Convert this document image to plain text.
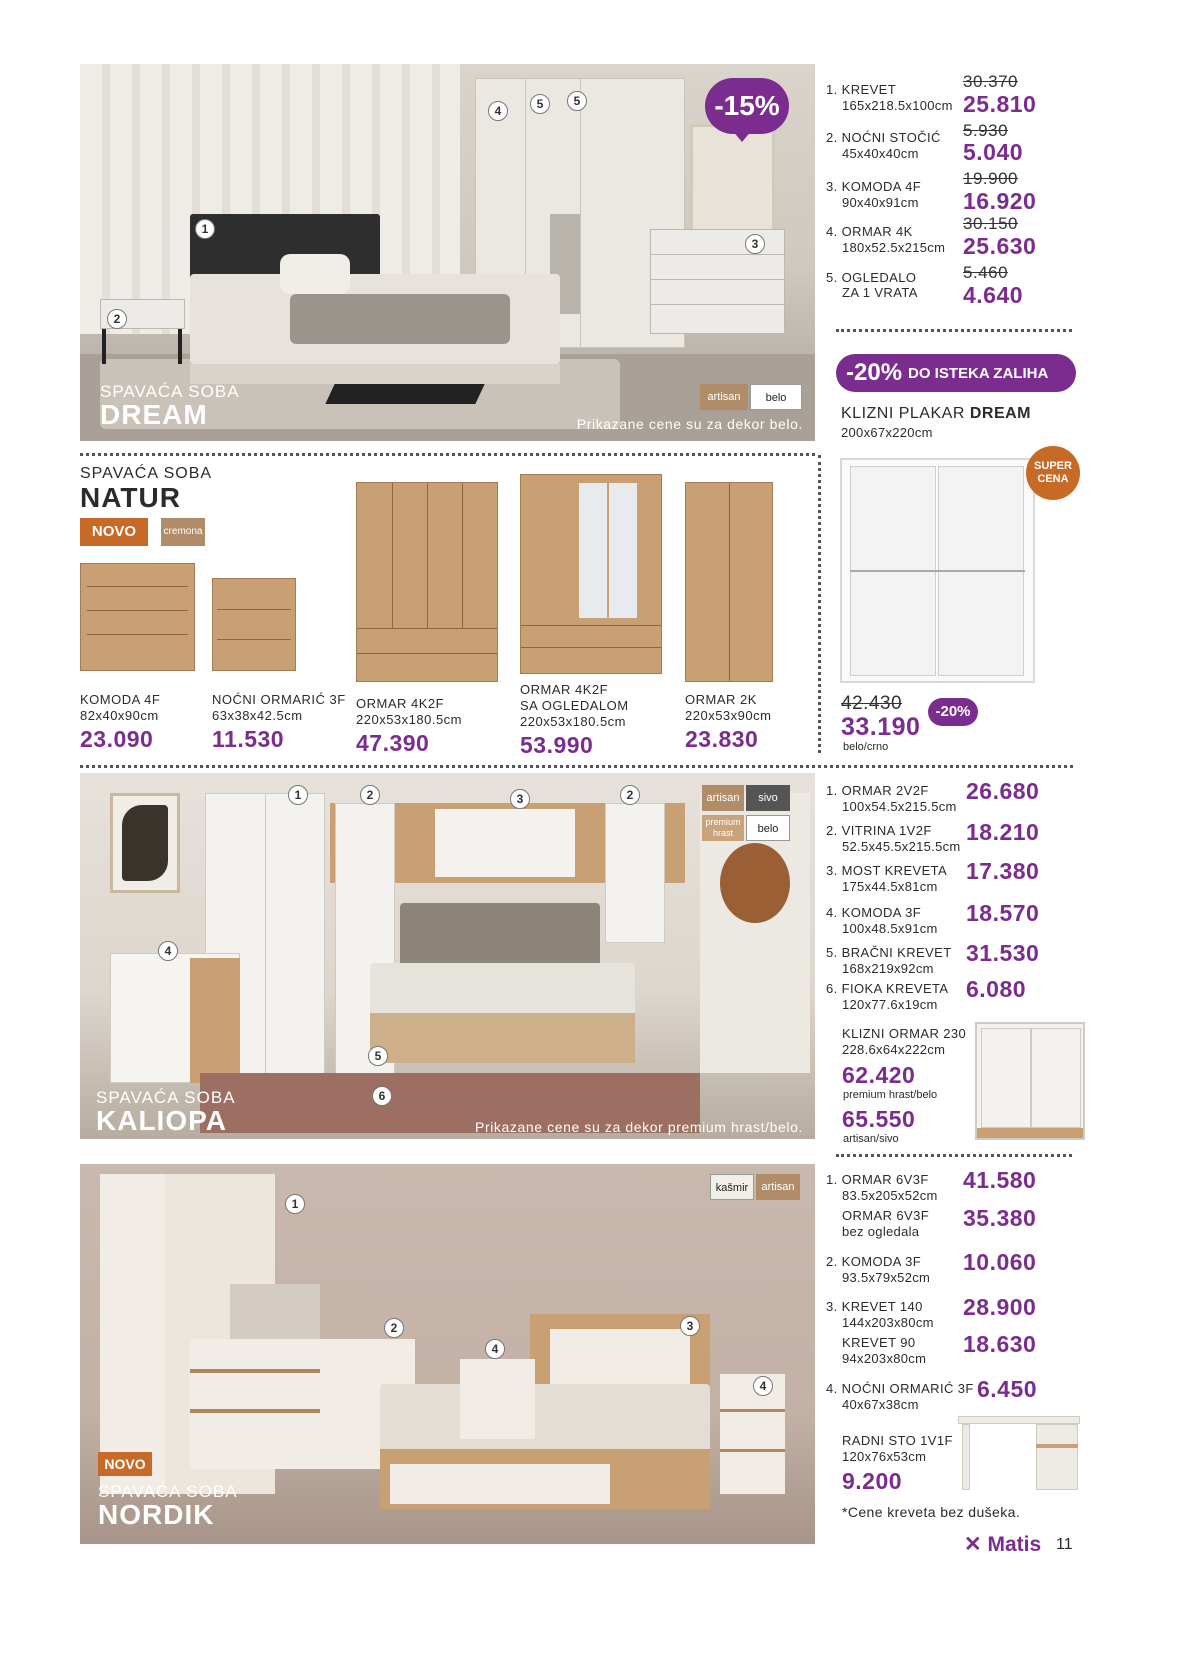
1
2
3
4	5	5	-15%
artisan	belo
SPAVAĆA SOBA
DREAM	Prikazane cene su za dekor belo.
1. KREVET
165x218.5x100cm
30.370
25.810
2. NOĆNI STOČIĆ
45x40x40cm
5.930
5.040
3. KOMODA 4F
90x40x91cm
19.900
16.920
4. ORMAR 4K
180x52.5x215cm
30.150
25.630
5. OGLEDALO
ZA 1 VRATA
5.460
4.640
-20% DO ISTEKA ZALIHA
KLIZNI PLAKAR DREAM
200x67x220cm
SUPER
CENA
42.430
33.190
-20%
belo/crno
SPAVAĆA SOBA
NATUR
NOVO	cremona
KOMODA 4F
82x40x90cm
23.090
NOĆNI ORMARIĆ 3F
63x38x42.5cm
11.530
ORMAR 4K2F
220x53x180.5cm
47.390
ORMAR 4K2F
SA OGLEDALOM
220x53x180.5cm
53.990
ORMAR 2K
220x53x90cm
23.830
1	2	3	2
4
5
6
artisan	sivo
premium hrast	belo
SPAVAĆA SOBA
KALIOPA	Prikazane cene su za dekor premium hrast/belo.
1. ORMAR 2V2F
100x54.5x215.5cm
26.680
2. VITRINA 1V2F
52.5x45.5x215.5cm
18.210
3. MOST KREVETA
175x44.5x81cm
17.380
4. KOMODA 3F
100x48.5x91cm
18.570
5. BRAČNI KREVET
168x219x92cm
31.530
6. FIOKA KREVETA
120x77.6x19cm
6.080
KLIZNI ORMAR 230
228.6x64x222cm
62.420
premium hrast/belo
65.550
artisan/sivo
1
2	3
4
4
kašmir	artisan
NOVO
SPAVAĆA SOBA
NORDIK
1. ORMAR 6V3F
83.5x205x52cm
41.580
ORMAR 6V3F
bez ogledala
35.380
2. KOMODA 3F
93.5x79x52cm
10.060
3. KREVET 140
144x203x80cm
28.900
KREVET 90
94x203x80cm
18.630
4. NOĆNI ORMARIĆ 3F
40x67x38cm
6.450
RADNI STO 1V1F
120x76x53cm
9.200
*Cene kreveta bez dušeka.
✕ Matis 11
